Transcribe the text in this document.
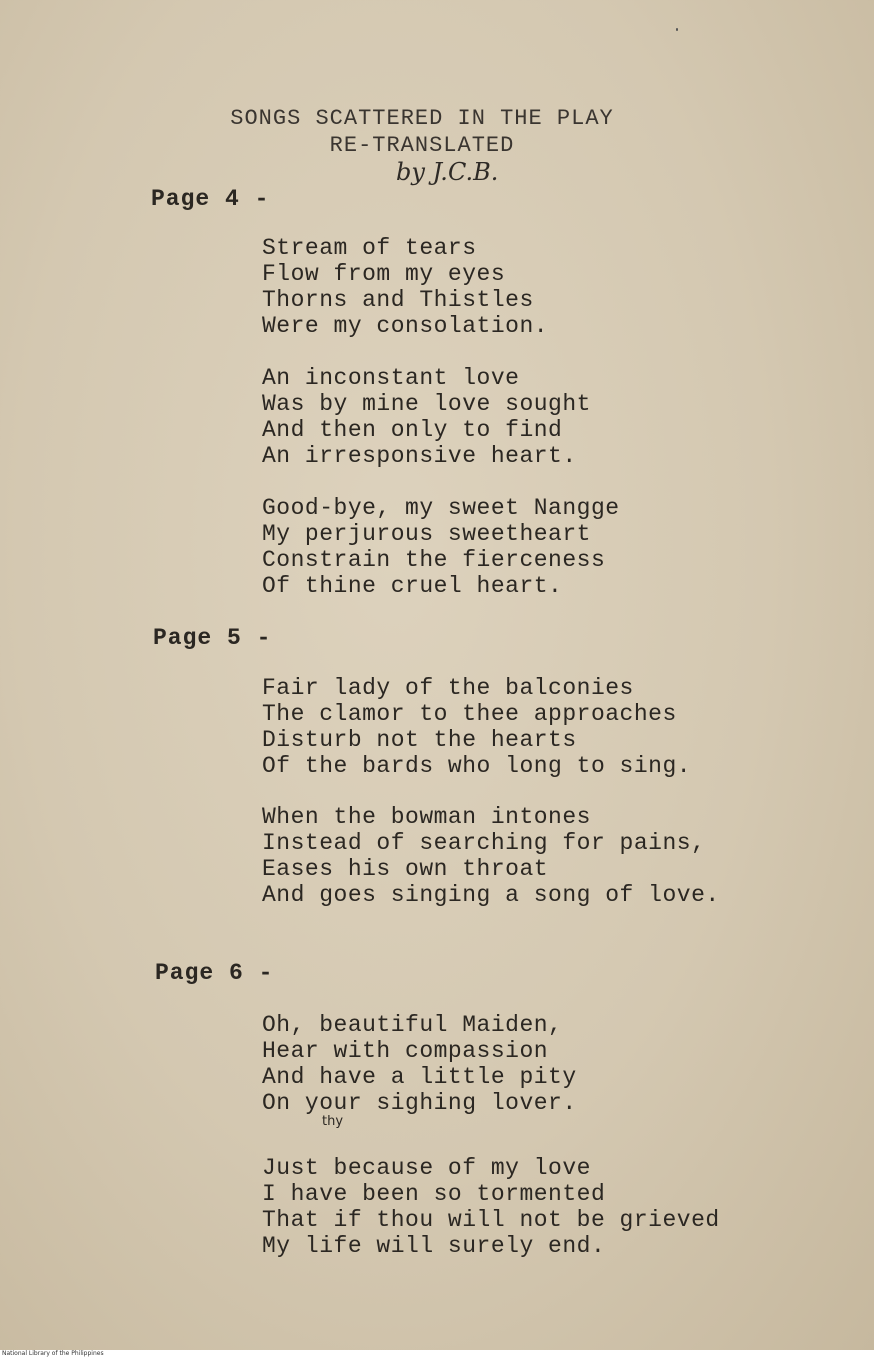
SONGS SCATTERED IN THE PLAY
RE-TRANSLATED
by J.C.B.
Page 4 -
Stream of tears
Flow from my eyes
Thorns and Thistles
Were my consolation.
An inconstant love
Was by mine love sought
And then only to find
An irresponsive heart.
Good-bye, my sweet Nangge
My perjurous sweetheart
Constrain the fierceness
Of thine cruel heart.
Page 5 -
Fair lady of the balconies
The clamor to thee approaches
Disturb not the hearts
Of the bards who long to sing.
When the bowman intones
Instead of searching for pains,
Eases his own throat
And goes singing a song of love.
Page 6 -
Oh, beautiful Maiden,
Hear with compassion
And have a little pity
On your sighing lover.
thy
Just because of my love
I have been so tormented
That if thou will not be grieved
My life will surely end.
National Library of the Philippines
